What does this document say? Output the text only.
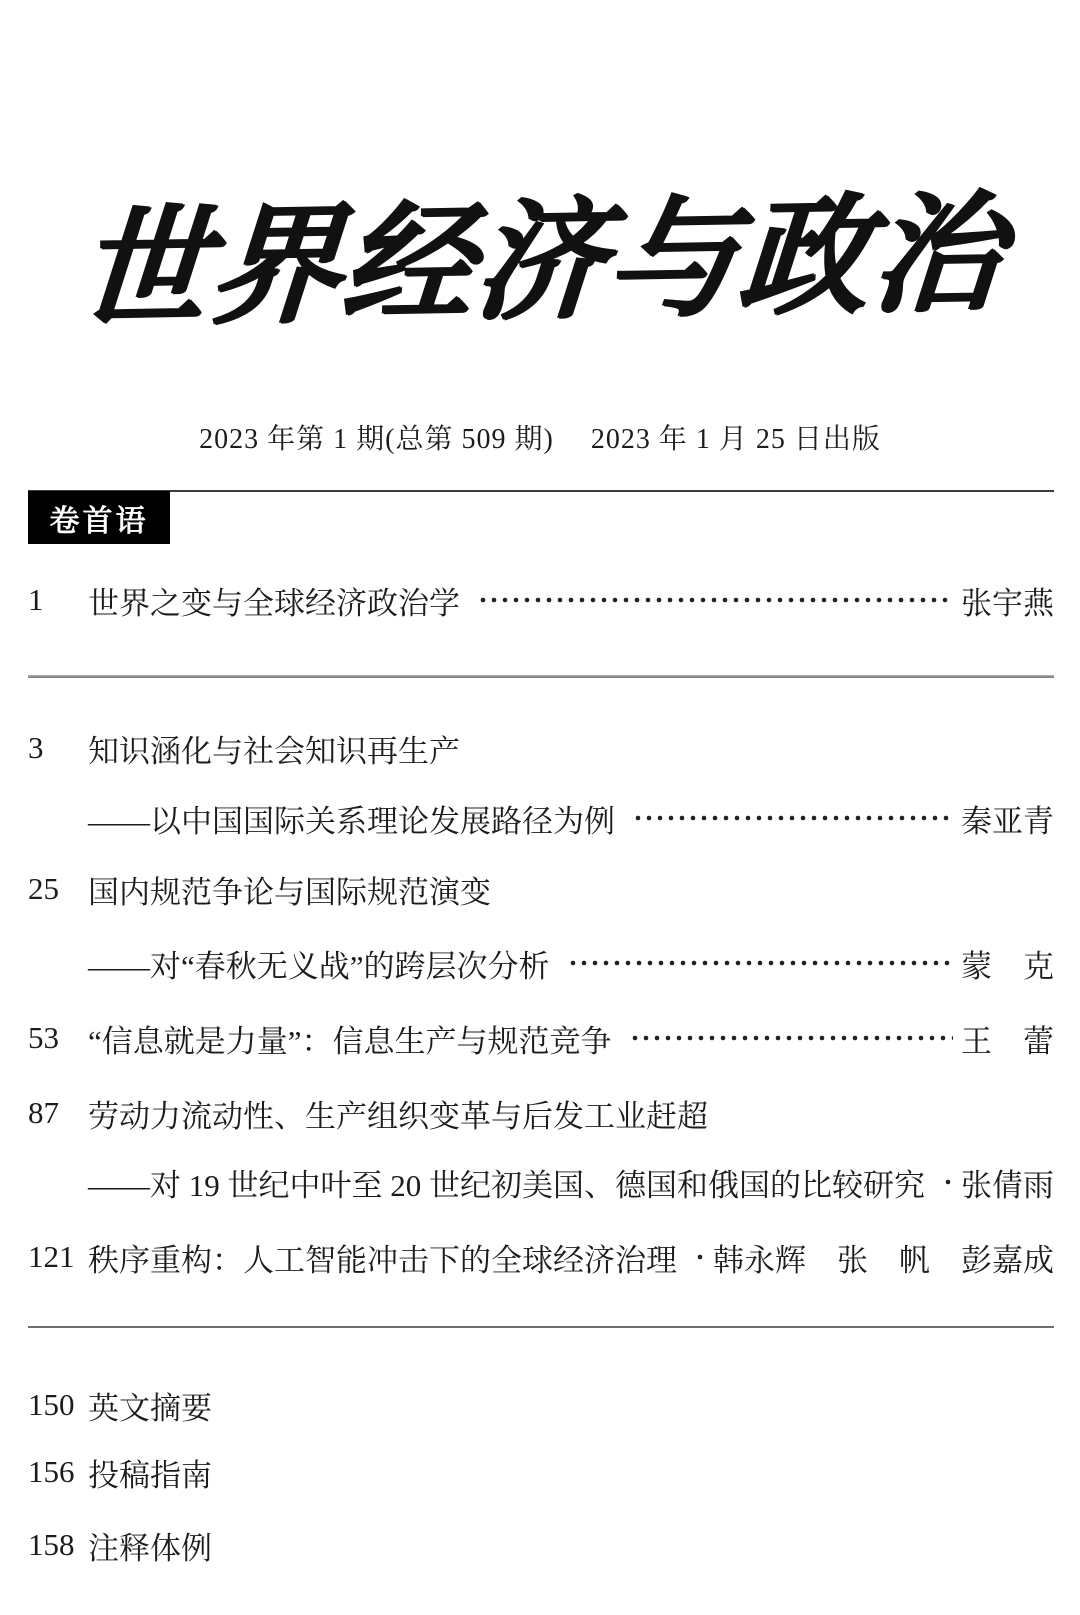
世界经济与政治
2023 年第 1 期(总第 509 期)　 2023 年 1 月 25 日出版
卷首语
1	世界之变与全球经济政治学	张宇燕
3	知识涵化与社会知识再生产
——以中国国际关系理论发展路径为例	秦亚青
25 国内规范争论与国际规范演变
——对“春秋无义战”的跨层次分析	蒙　克
53 “信息就是力量”：信息生产与规范竞争	王　蕾
87 劳动力流动性、生产组织变革与后发工业赶超
——对 19 世纪中叶至 20 世纪初美国、德国和俄国的比较研究 张倩雨
121 秩序重构：人工智能冲击下的全球经济治理 韩永辉　张　帆　彭嘉成
150 英文摘要
156 投稿指南
158 注释体例
